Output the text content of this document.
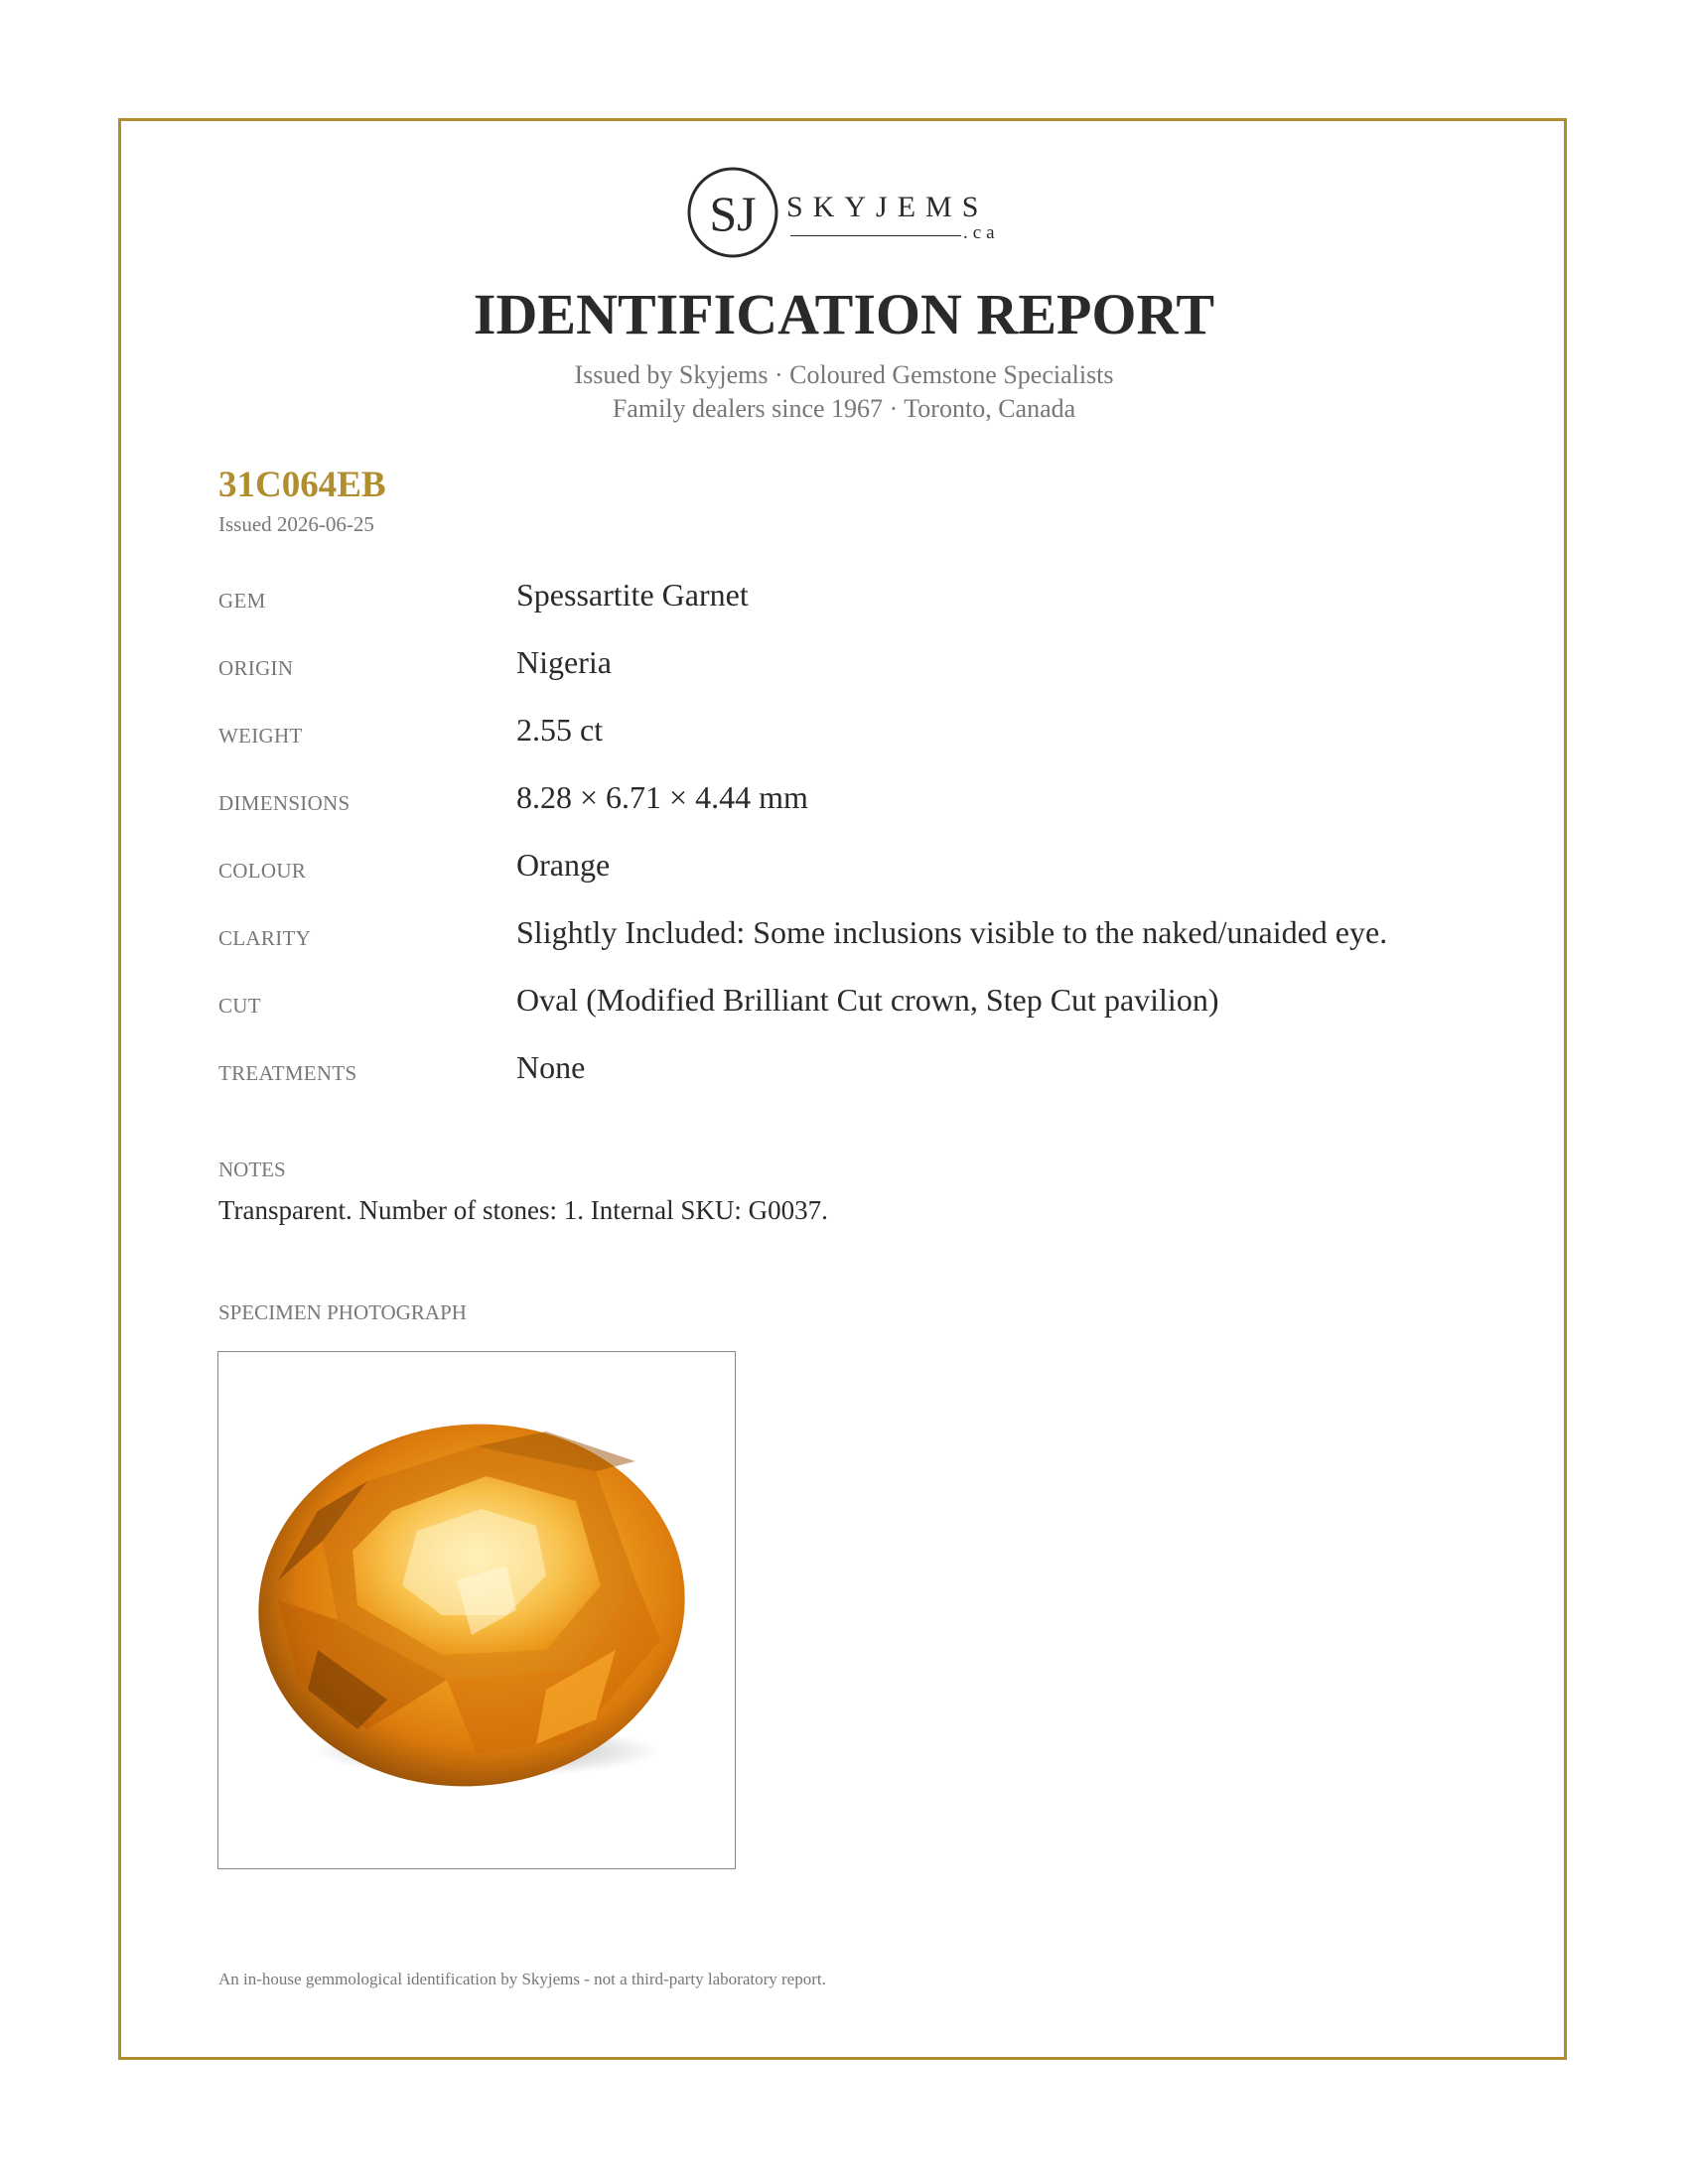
SJ SKYJEMS
.ca
IDENTIFICATION REPORT
Issued by Skyjems · Coloured Gemstone Specialists
Family dealers since 1967 · Toronto, Canada
31C064EB
Issued 2026-06-25
GEM	Spessartite Garnet
ORIGIN	Nigeria
WEIGHT	2.55 ct
DIMENSIONS	8.28 × 6.71 × 4.44 mm
COLOUR	Orange
CLARITY	Slightly Included: Some inclusions visible to the naked/unaided eye.
CUT	Oval (Modified Brilliant Cut crown, Step Cut pavilion)
TREATMENTS	None
NOTES
Transparent. Number of stones: 1. Internal SKU: G0037.
SPECIMEN PHOTOGRAPH
An in-house gemmological identification by Skyjems - not a third-party laboratory report.
